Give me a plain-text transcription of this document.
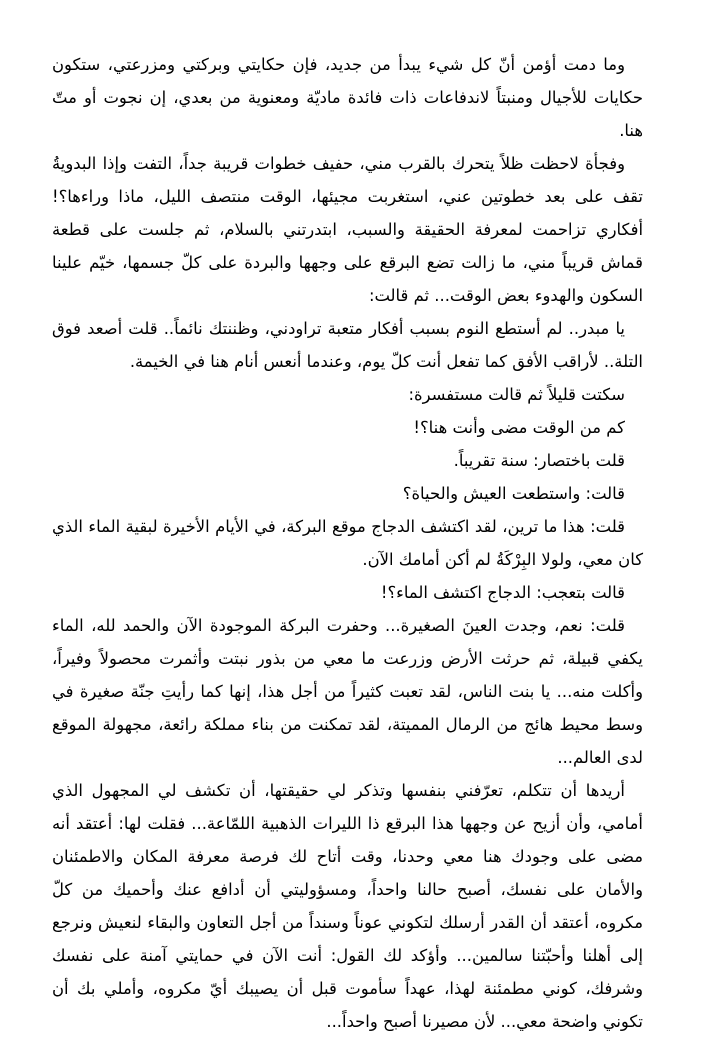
وما دمت أؤمن أنّ كل شيء يبدأ من جديد، فإن حكايتي وبركتي ومزرعتي، ستكون حكايات للأجيال ومنبتاً لاندفاعات ذات فائدة ماديّة ومعنوية من بعدي، إن نجوت أو متّ هنا.

وفجأة لاحظت ظلاً يتحرك بالقرب مني، حفيف خطوات قريبة جداً، التفت وإذا البدويةُ تقف على بعد خطوتين عني، استغربت مجيئها، الوقت منتصف الليل، ماذا وراءها؟! أفكاري تزاحمت لمعرفة الحقيقة والسبب، ابتدرتني بالسلام، ثم جلست على قطعة قماش قريباً مني، ما زالت تضع البرقع على وجهها والبردة على كلّ جسمها، خيّم علينا السكون والهدوء بعض الوقت... ثم قالت:

يا مبدر.. لم أستطع النوم بسبب أفكار متعبة تراودني، وظننتك نائماً.. قلت أصعد فوق التلة.. لأراقب الأفق كما تفعل أنت كلّ يوم، وعندما أنعس أنام هنا في الخيمة.

سكتت قليلاً ثم قالت مستفسرة:

كم من الوقت مضى وأنت هنا؟!

قلت باختصار: سنة تقريباً.

قالت: واستطعت العيش والحياة؟

قلت: هذا ما ترين، لقد اكتشف الدجاج موقع البركة، في الأيام الأخيرة لبقية الماء الذي كان معي، ولولا البِرْكَةُ لم أكن أمامك الآن.

قالت بتعجب: الدجاج اكتشف الماء؟!

قلت: نعم، وجدت العينَ الصغيرة... وحفرت البركة الموجودة الآن والحمد لله، الماء يكفي قبيلة، ثم حرثت الأرض وزرعت ما معي من بذور نبتت وأثمرت محصولاً وفيراً، وأكلت منه... يا بنت الناس، لقد تعبت كثيراً من أجل هذا، إنها كما رأيتِ جنّة صغيرة في وسط محيط هائج من الرمال المميتة، لقد تمكنت من بناء مملكة رائعة، مجهولة الموقع لدى العالم...

أريدها أن تتكلم، تعرّفني بنفسها وتذكر لي حقيقتها، أن تكشف لي المجهول الذي أمامي، وأن أزيح عن وجهها هذا البرقع ذا الليرات الذهبية اللمّاعة... فقلت لها: أعتقد أنه مضى على وجودك هنا معي وحدنا، وقت أتاح لك فرصة معرفة المكان والاطمئنان والأمان على نفسك، أصبح حالنا واحداً، ومسؤوليتي أن أدافع عنك وأحميك من كلّ مكروه، أعتقد أن القدر أرسلك لتكوني عوناً وسنداً من أجل التعاون والبقاء لنعيش ونرجع إلى أهلنا وأحبّتنا سالمين... وأؤكد لك القول: أنت الآن في حمايتي آمنة على نفسك وشرفك، كوني مطمئنة لهذا، عهداً سأموت قبل أن يصيبك أيّ مكروه، وأملي بك أن تكوني واضحة معي... لأن مصيرنا أصبح واحداً...
